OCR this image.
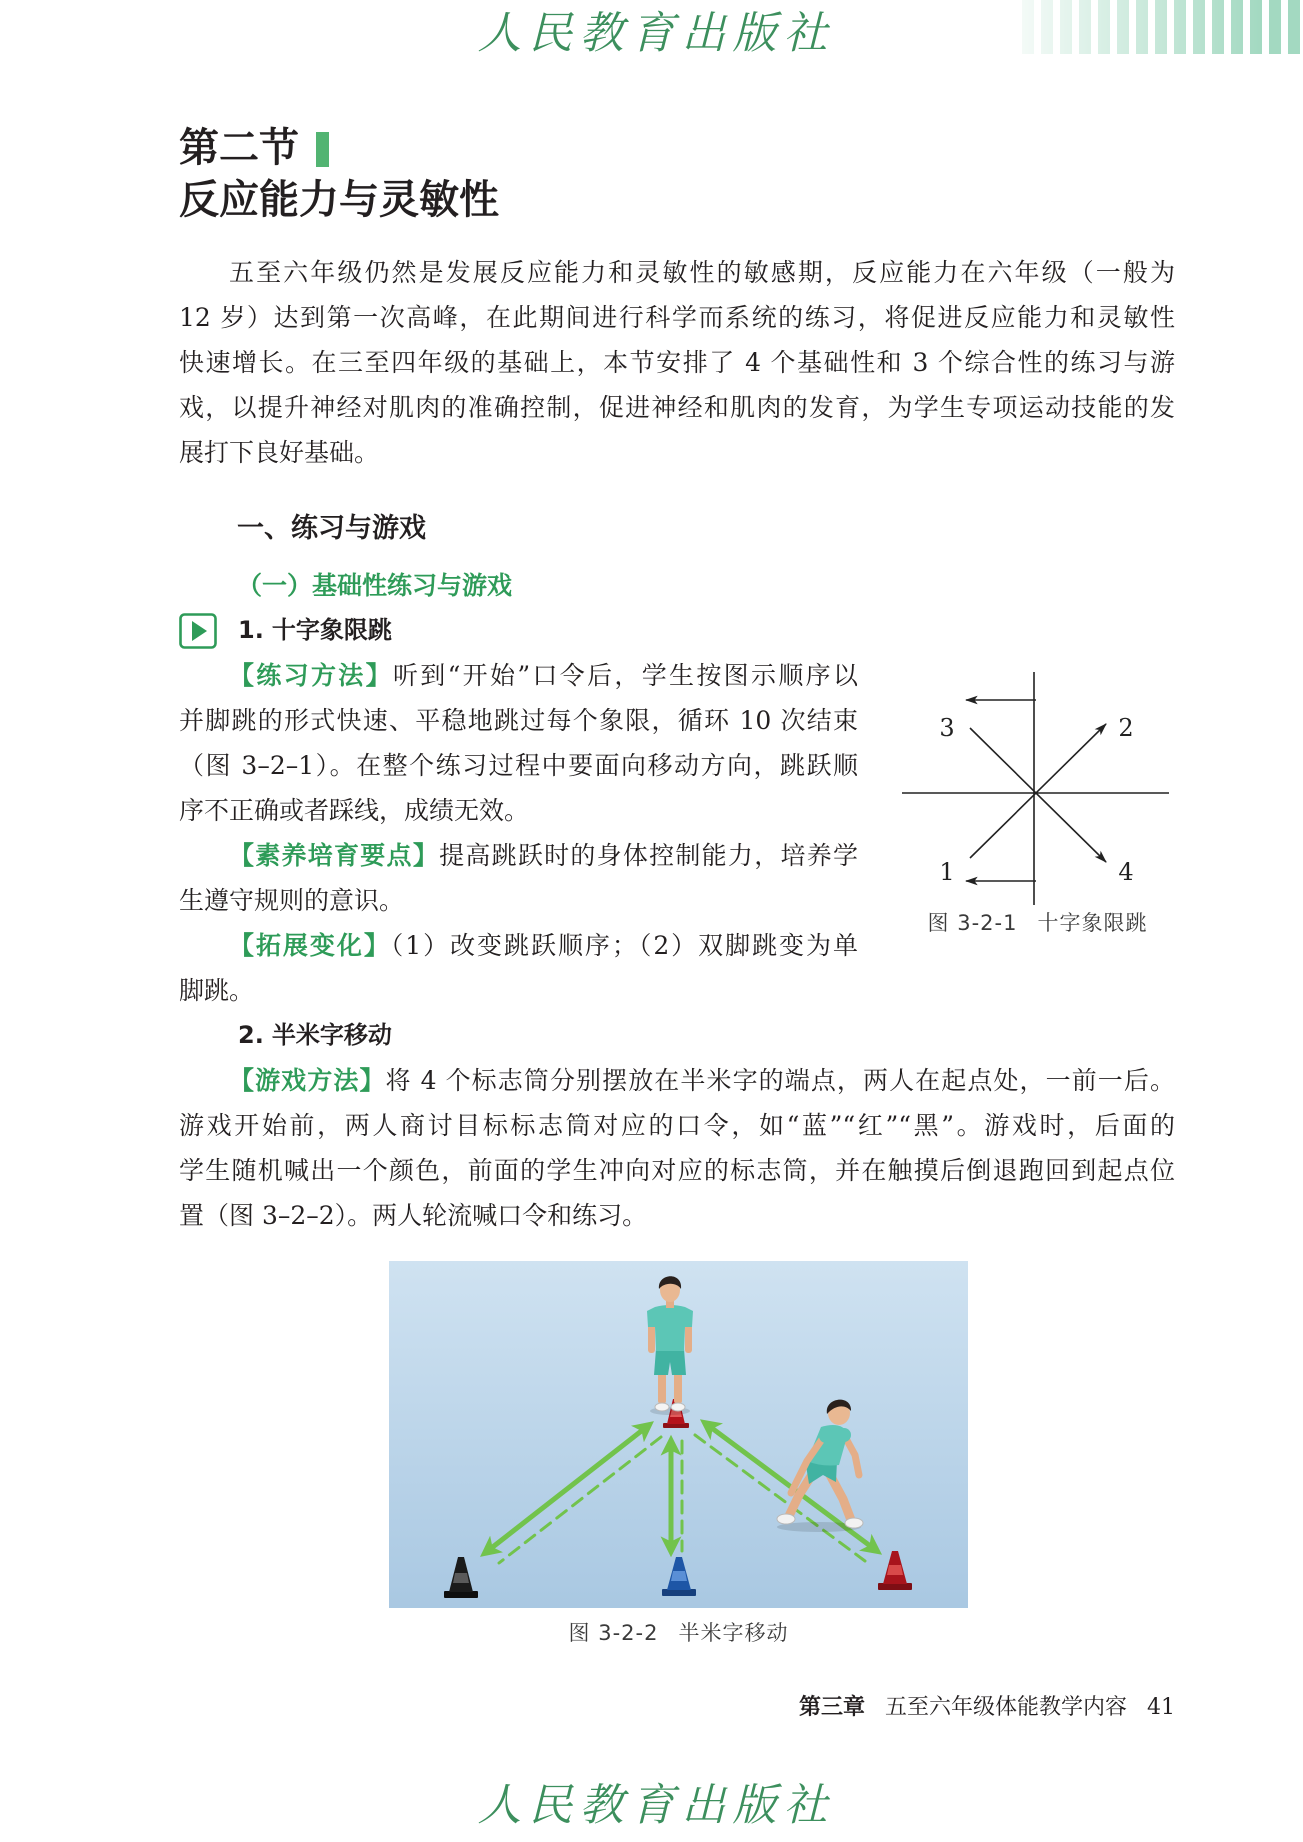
人民教育出版社
第二节
反应能力与灵敏性
五至六年级仍然是发展反应能力和灵敏性的敏感期，反应能力在六年级（一般为
12 岁）达到第一次高峰，在此期间进行科学而系统的练习，将促进反应能力和灵敏性
快速增长。在三至四年级的基础上，本节安排了 4 个基础性和 3 个综合性的练习与游
戏，以提升神经对肌肉的准确控制，促进神经和肌肉的发育，为学生专项运动技能的发
展打下良好基础。
一、练习与游戏
（一）基础性练习与游戏
1. 十字象限跳
【练习方法】听到“开始”口令后，学生按图示顺序以
并脚跳的形式快速、平稳地跳过每个象限，循环 10 次结束
（图 3–2–1）。在整个练习过程中要面向移动方向，跳跃顺
序不正确或者踩线，成绩无效。
【素养培育要点】提高跳跃时的身体控制能力，培养学
生遵守规则的意识。
【拓展变化】（1）改变跳跃顺序；（2）双脚跳变为单
脚跳。
2. 半米字移动
【游戏方法】将 4 个标志筒分别摆放在半米字的端点，两人在起点处，一前一后。
游戏开始前，两人商讨目标标志筒对应的口令，如“蓝”“红”“黑”。游戏时，后面的
学生随机喊出一个颜色，前面的学生冲向对应的标志筒，并在触摸后倒退跑回到起点位
置（图 3–2–2）。两人轮流喊口令和练习。
3	2
1	4
图 3-2-1 十字象限跳
图 3-2-2 半米字移动
第三章 五至六年级体能教学内容 41
人民教育出版社
